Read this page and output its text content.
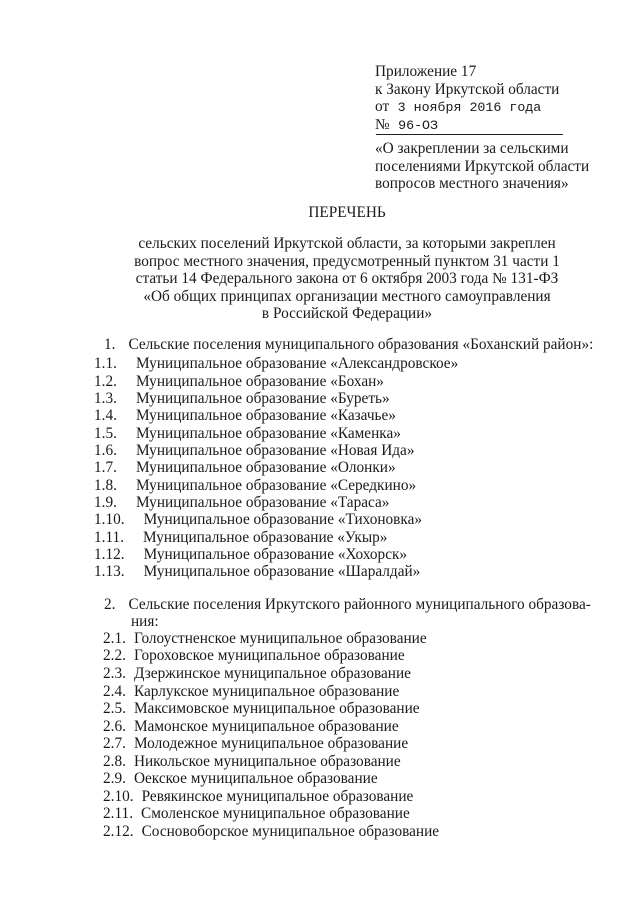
Приложение 17
к Закону Иркутской области
от 3 ноября 2016 года
№ 96-ОЗ
«О закреплении за сельскими
поселениями Иркутской области
вопросов местного значения»
ПЕРЕЧЕНЬ
сельских поселений Иркутской области, за которыми закреплен
вопрос местного значения, предусмотренный пунктом 31 части 1
статьи 14 Федерального закона от 6 октября 2003 года № 131-ФЗ
«Об общих принципах организации местного самоуправления
в Российской Федерации»
1. Сельские поселения муниципального образования «Боханский район»:
1.1. Муниципальное образование «Александровское»
1.2. Муниципальное образование «Бохан»
1.3. Муниципальное образование «Буреть»
1.4. Муниципальное образование «Казачье»
1.5. Муниципальное образование «Каменка»
1.6. Муниципальное образование «Новая Ида»
1.7. Муниципальное образование «Олонки»
1.8. Муниципальное образование «Середкино»
1.9. Муниципальное образование «Тараса»
1.10. Муниципальное образование «Тихоновка»
1.11. Муниципальное образование «Укыр»
1.12. Муниципальное образование «Хохорск»
1.13. Муниципальное образование «Шаралдай»
2. Сельские поселения Иркутского районного муниципального образова-
ния:
2.1. Голоустненское муниципальное образование
2.2. Гороховское муниципальное образование
2.3. Дзержинское муниципальное образование
2.4. Карлукское муниципальное образование
2.5. Максимовское муниципальное образование
2.6. Мамонское муниципальное образование
2.7. Молодежное муниципальное образование
2.8. Никольское муниципальное образование
2.9. Оекское муниципальное образование
2.10. Ревякинское муниципальное образование
2.11. Смоленское муниципальное образование
2.12. Сосновоборское муниципальное образование
